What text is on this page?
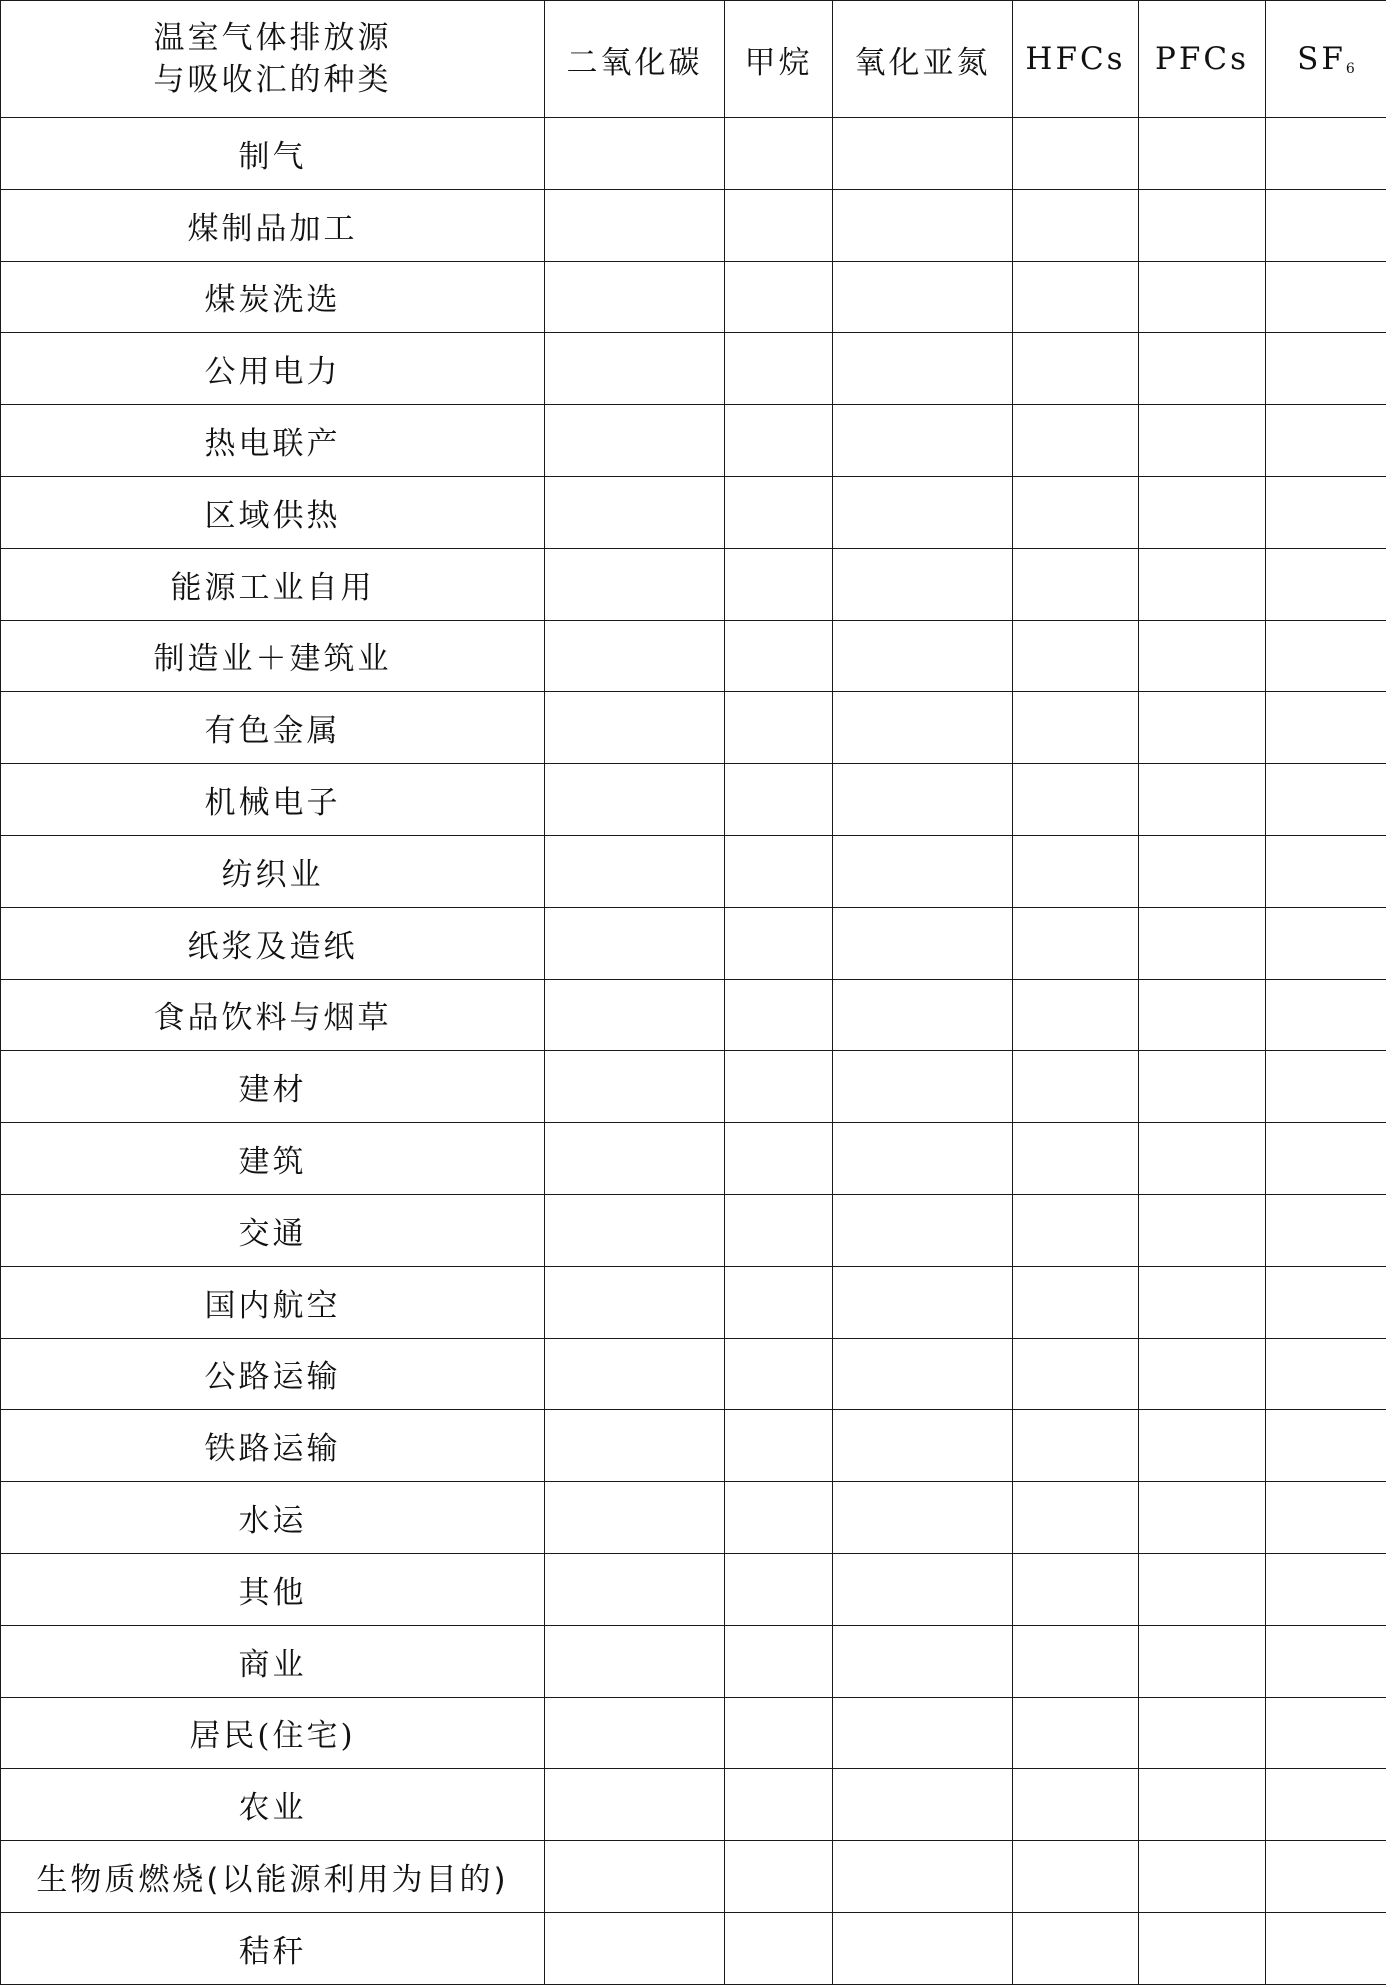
温室气体排放源
与吸收汇的种类	二氧化碳	甲烷	氧化亚氮	HFCs	PFCs	$SF_6$
制气						
煤制品加工						
煤炭洗选						
公用电力						
热电联产						
区域供热						
能源工业自用						
制造业＋建筑业						
有色金属						
机械电子						
纺织业						
纸浆及造纸						
食品饮料与烟草						
建材						
建筑						
交通						
国内航空						
公路运输						
铁路运输						
水运						
其他						
商业						
居民(住宅)						
农业						
生物质燃烧(以能源利用为目的)						
秸秆						
